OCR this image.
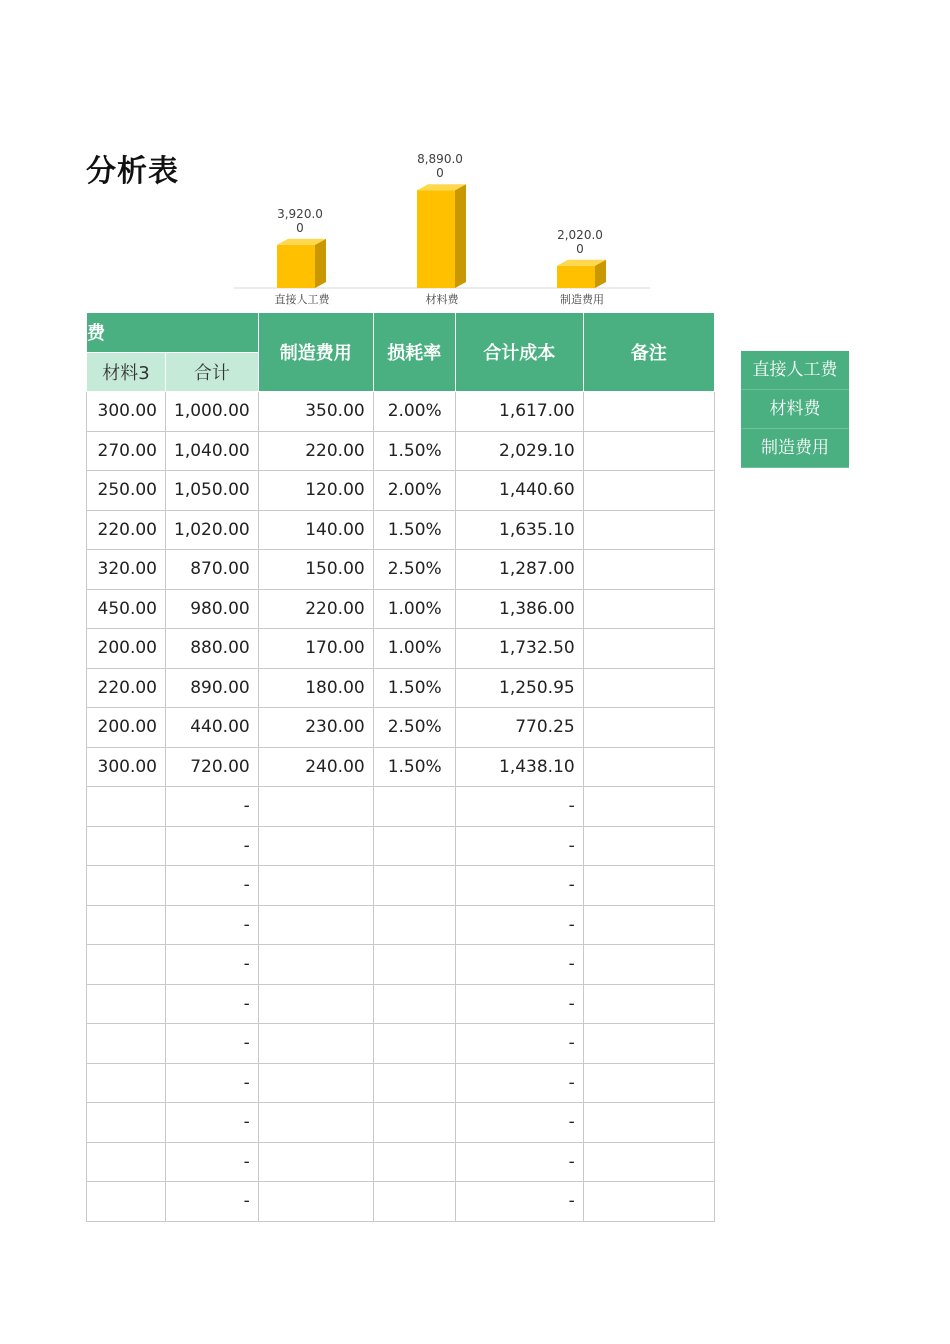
分析表
3,920.0
0
直接人工费
8,890.0
0
材料费
2,020.0
0
制造费用
费		制造费用	损耗率	合计成本	备注
材料3	合计				
300.00	1,000.00	350.00	2.00%	1,617.00	
270.00	1,040.00	220.00	1.50%	2,029.10	
250.00	1,050.00	120.00	2.00%	1,440.60	
220.00	1,020.00	140.00	1.50%	1,635.10	
320.00	870.00	150.00	2.50%	1,287.00	
450.00	980.00	220.00	1.00%	1,386.00	
200.00	880.00	170.00	1.00%	1,732.50	
220.00	890.00	180.00	1.50%	1,250.95	
200.00	440.00	230.00	2.50%	770.25	
300.00	720.00	240.00	1.50%	1,438.10	
	-			-	
	-			-	
	-			-	
	-			-	
	-			-	
	-			-	
	-			-	
	-			-	
	-			-	
	-			-	
	-			-	
直接人工费
材料费
制造费用
